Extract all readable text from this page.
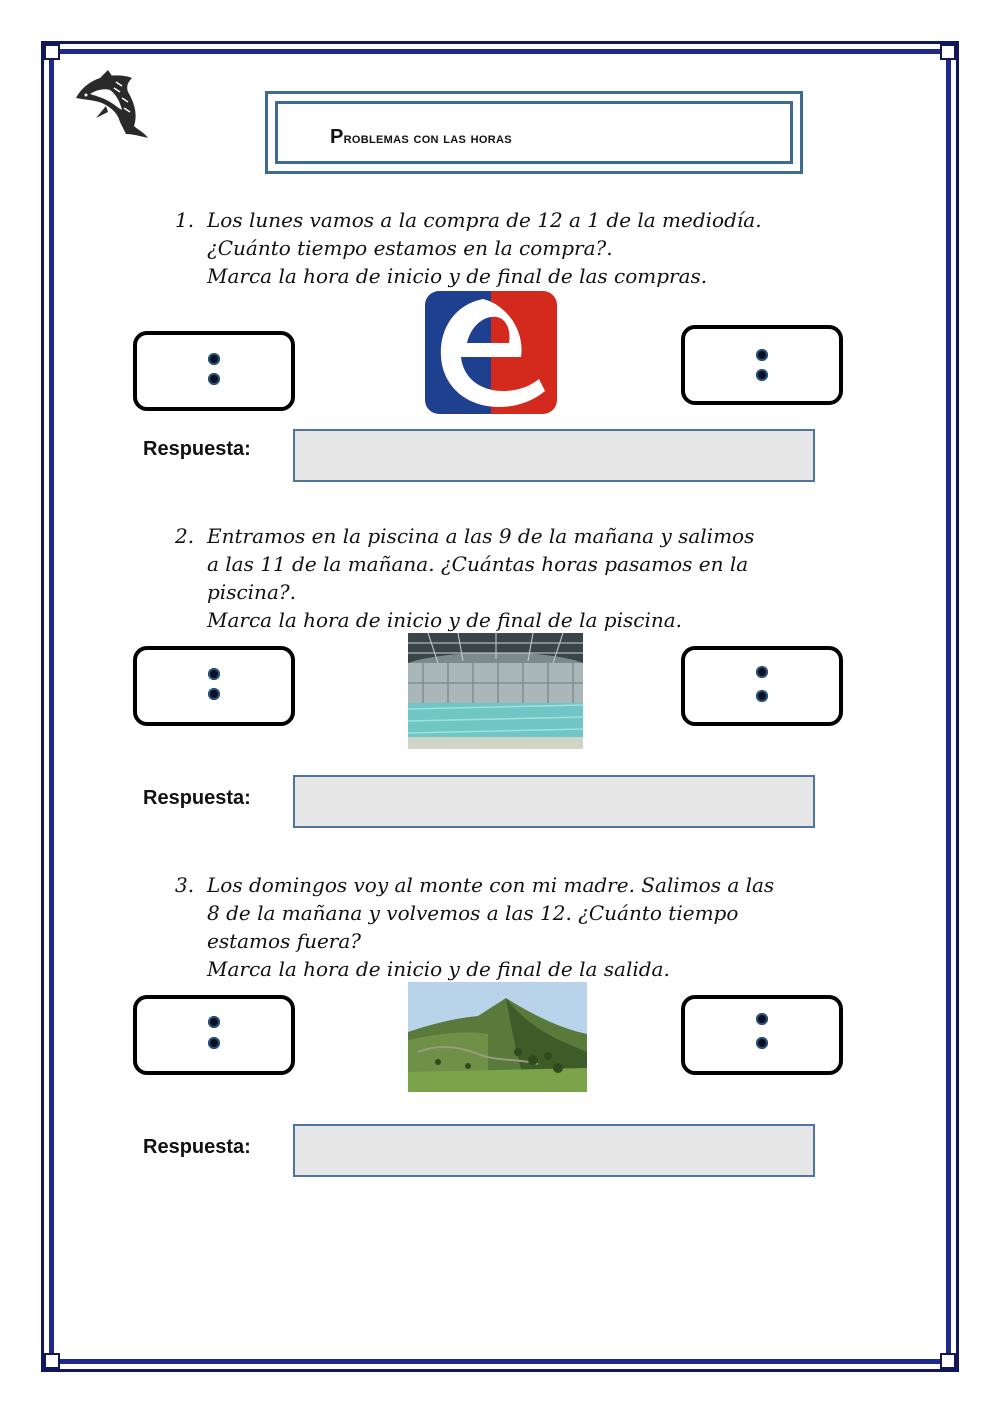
Problemas con las horas
1. Los lunes vamos a la compra de 12 a 1 de la mediodía.
¿Cuánto tiempo estamos en la compra?.
Marca la hora de inicio y de final de las compras.
Respuesta:
2. Entramos en la piscina a las 9 de la mañana y salimos
a las 11 de la mañana. ¿Cuántas horas pasamos en la
piscina?.
Marca la hora de inicio y de final de la piscina.
Respuesta:
3. Los domingos voy al monte con mi madre. Salimos a las
8 de la mañana y volvemos a las 12. ¿Cuánto tiempo
estamos fuera?
Marca la hora de inicio y de final de la salida.
Respuesta:
